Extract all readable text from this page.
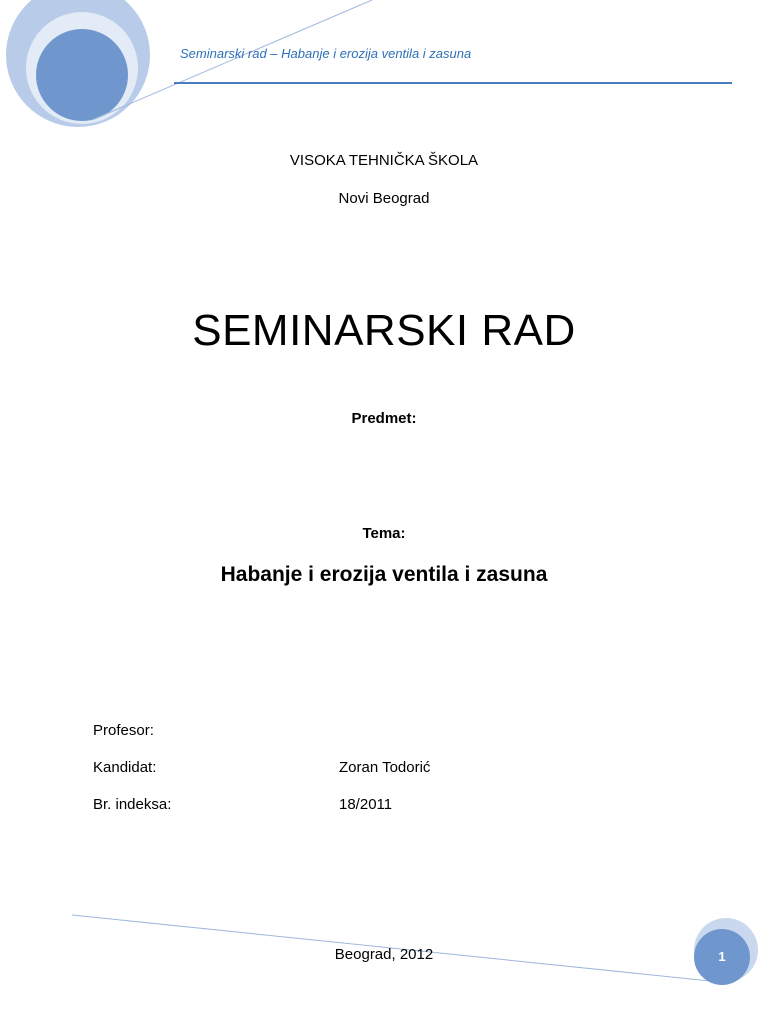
Seminarski rad – Habanje i erozija ventila i zasuna
VISOKA TEHNIČKA ŠKOLA
Novi Beograd
SEMINARSKI RAD
Predmet:
Tema:
Habanje i erozija ventila i zasuna
Profesor:
Kandidat:	Zoran Todorić
Br. indeksa:	18/2011
Beograd, 2012	1
